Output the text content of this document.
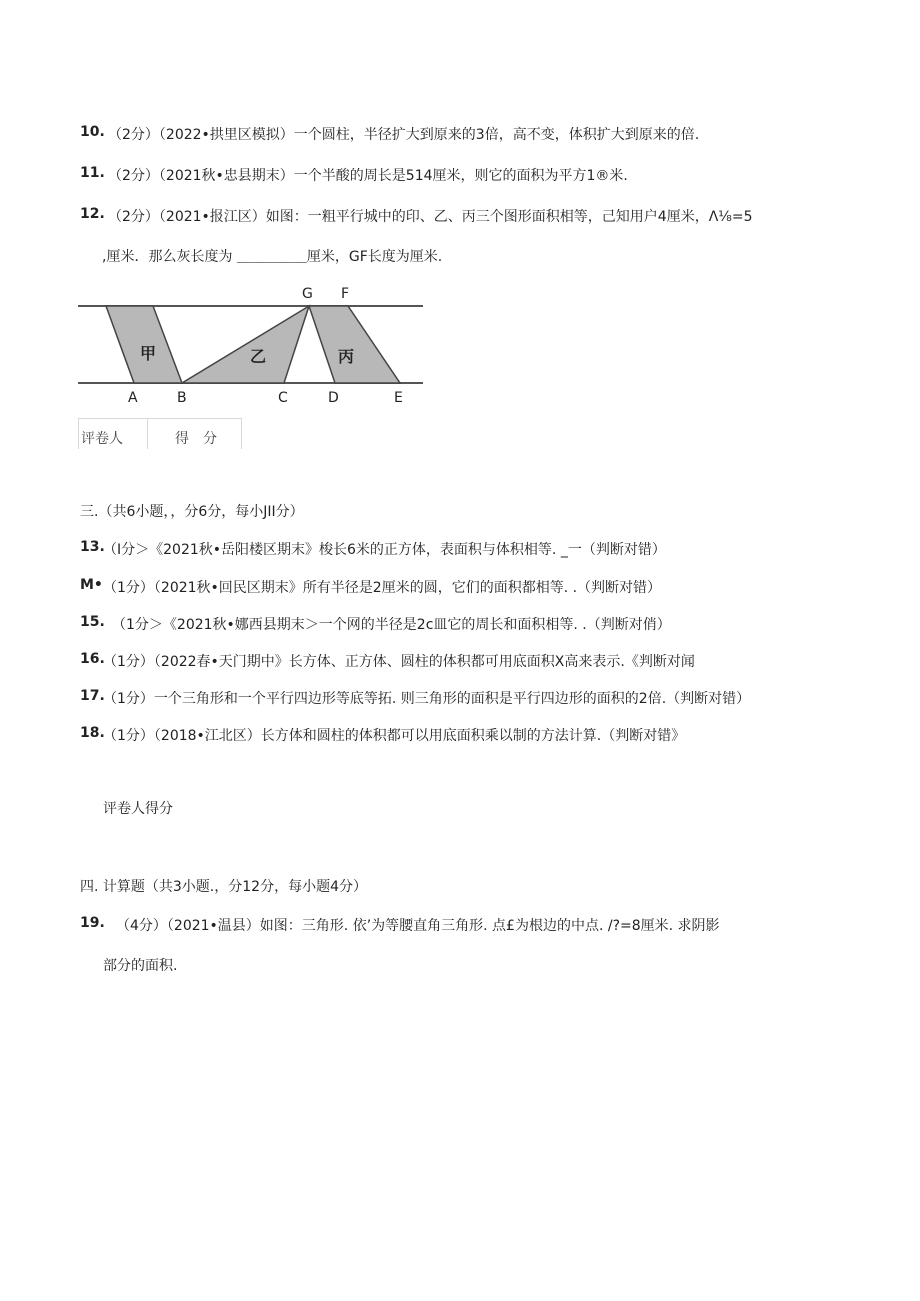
10. （2分）（2022•拱里区模拟）一个圆柱，半径扩大到原来的3倍，高不变，体积扩大到原来的倍.
11. （2分）（2021秋•忠县期末）一个半酸的周长是514厘米，则它的面积为平方1®米.
12. （2分）（2021•报江区）如图：一粗平行城中的印、乙、丙三个图形面积相等，己知用户4厘米，Λ⅛=5
,厘米．那么灰长度为 ＿＿＿＿＿厘米，GF长度为厘米.
甲	乙	丙
G F
A	B	C	D	E
评卷人	得　分
三.（共6小题，，分6分，每小JII分）
13.
（I分＞《2021秋•岳阳楼区期末》梭长6米的正方体，表面积与体积相等. _一（判断对错）
M• （1分）（2021秋•回民区期末》所有半径是2厘米的圆，它们的面积都相等. .（判断对错）
15. （1分＞《2021秋•娜西县期末＞一个网的半径是2c皿它的周长和面积相等. .（判断对俏）
16.
（1分）（2022春•天门期中》长方体、正方体、圆柱的体积都可用底面积X高来表示.《判断对闻
17.
（1分）一个三角形和一个平行四边形等底等拓. 则三角形的面积是平行四边形的面积的2倍.（判断对错）
18.
（1分）（2018•江北区）长方体和圆柱的体积都可以用底面积乘以制的方法计算.（判断对错》
评卷人得分
四. 计算题（共3小题.，分12分，每小题4分）
19. （4分）（2021•温县）如图：三角形. 依’为等腰直角三角形. 点£为根边的中点. /?=8厘米. 求阴影
部分的面积.
